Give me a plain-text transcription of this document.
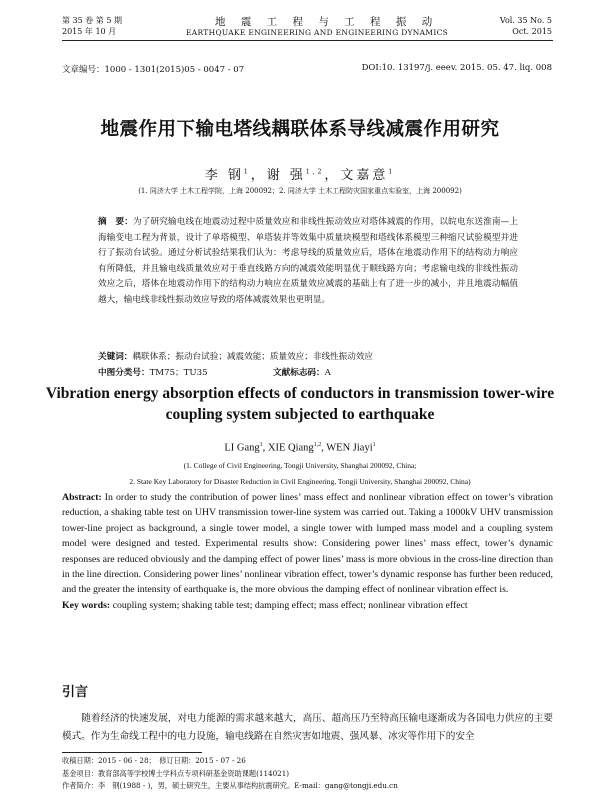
第 35 卷 第 5 期
2015 年 10 月
地 震 工 程 与 工 程 振 动
EARTHQUAKE ENGINEERING AND ENGINEERING DYNAMICS
Vol. 35 No. 5
Oct. 2015
文章编号：1000 - 1301(2015)05 - 0047 - 07	DOI:10. 13197/j. eeev. 2015. 05. 47. liq. 008
地震作用下输电塔线耦联体系导线减震作用研究
李 钢$^1$，谢 强$^{1,2}$，文嘉意$^1$
(1. 同济大学 土木工程学院，上海 200092；2. 同济大学 土木工程防灾国家重点实验室，上海 200092)
摘　要：为了研究输电线在地震动过程中质量效应和非线性振动效应对塔体减震的作用，以皖电东送淮南—上海输变电工程为背景，设计了单塔模型、单塔装并等效集中质量块模型和塔线体系模型三种缩尺试验模型并进行了振动台试验。通过分析试验结果我们认为：考虑导线的质量效应后，塔体在地震动作用下的结构动力响应有所降低，并且输电线质量效应对于垂直线路方向的减震效能明显优于顺线路方向；考虑输电线的非线性振动效应之后，塔体在地震动作用下的结构动力响应在质量效应减震的基础上有了进一步的减小，并且地震动幅值越大，输电线非线性振动效应导致的塔体减震效果也更明显。
关键词：耦联体系；振动台试验；减震效能；质量效应；非线性振动效应
中图分类号：TM75；TU35	文献标志码：A
Vibration energy absorption effects of conductors in transmission tower-wire
coupling system subjected to earthquake
LI Gang$^1$, XIE Qiang$^{1,2}$, WEN Jiayi$^1$
(1. College of Civil Engineering, Tongji University, Shanghai 200092, China;
2. State Key Laboratory for Disaster Reduction in Civil Engineering, Tongji University, Shanghai 200092, China)
Abstract: In order to study the contribution of power lines’ mass effect and nonlinear vibration effect on tower’s vibration reduction, a shaking table test on UHV transmission tower-line system was carried out. Taking a 1000kV UHV transmission tower-line project as background, a single tower model, a single tower with lumped mass model and a coupling system model were designed and tested. Experimental results show: Considering power lines’ mass effect, tower’s dynamic responses are reduced obviously and the damping effect of power lines’ mass is more obvious in the cross-line direction than in the line direction. Considering power lines’ nonlinear vibration effect, tower’s dynamic response has further been reduced, and the greater the intensity of earthquake is, the more obvious the damping effect of nonlinear vibration effect is.
Key words: coupling system; shaking table test; damping effect; mass effect; nonlinear vibration effect
引言
随着经济的快速发展，对电力能源的需求越来越大，高压、超高压乃至特高压输电逐渐成为各国电力供应的主要模式。作为生命线工程中的电力设施，输电线路在自然灾害如地震、强风暴、冰灾等作用下的安全
收稿日期：2015 - 06 - 28；　修订日期：2015 - 07 - 26
基金项目：教育部高等学校博士学科点专项科研基金资助课题(114021)
作者简介：李　钢(1988 - )，男，硕士研究生，主要从事结构抗震研究。E-mail：gang@tongji.edu.cn
